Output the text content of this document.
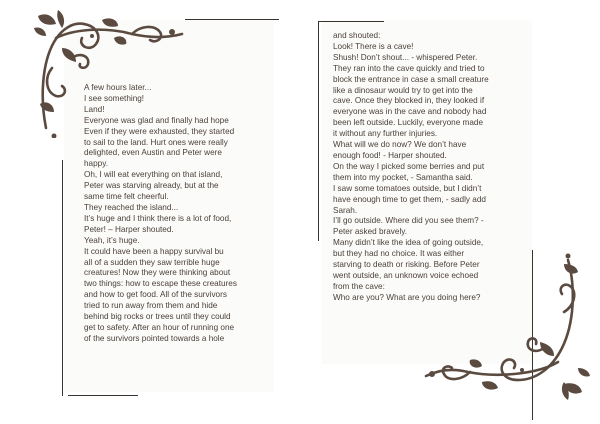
A few hours later...

I see something!

Land!

Everyone was glad and finally had hope

Even if they were exhausted, they started

to sail to the land. Hurt ones were really

delighted, even Austin and Peter were

happy.

Oh, I will eat everything on that island,

Peter was starving already, but at the

same time felt cheerful.

They reached the island...

It’s huge and I think there is a lot of food,

Peter! – Harper shouted.

Yeah, it’s huge.

It could have been a happy survival bu

all of a sudden they saw terrible huge

creatures! Now they were thinking about

two things: how to escape these creatures

and how to get food. All of the survivors

tried to run away from them and hide

behind big rocks or trees until they could

get to safety. After an hour of running one

of the survivors pointed towards a hole

and shouted:

Look! There is a cave!

Shush! Don’t shout... - whispered Peter.

They ran into the cave quickly and tried to

block the entrance in case a small creature

like a dinosaur would try to get into the

cave. Once they blocked in, they looked if

everyone was in the cave and nobody had

been left outside. Luckily, everyone made

it without any further injuries.

What will we do now? We don’t have

enough food! - Harper shouted.

On the way I picked some berries and put

them into my pocket, - Samantha said.

I saw some tomatoes outside, but I didn’t

have enough time to get them, - sadly add

Sarah.

I’ll go outside. Where did you see them? -

Peter asked bravely.

Many didn’t like the idea of going outside,

but they had no choice. It was either

starving to death or risking. Before Peter

went outside, an unknown voice echoed

from the cave:

Who are you? What are you doing here?
